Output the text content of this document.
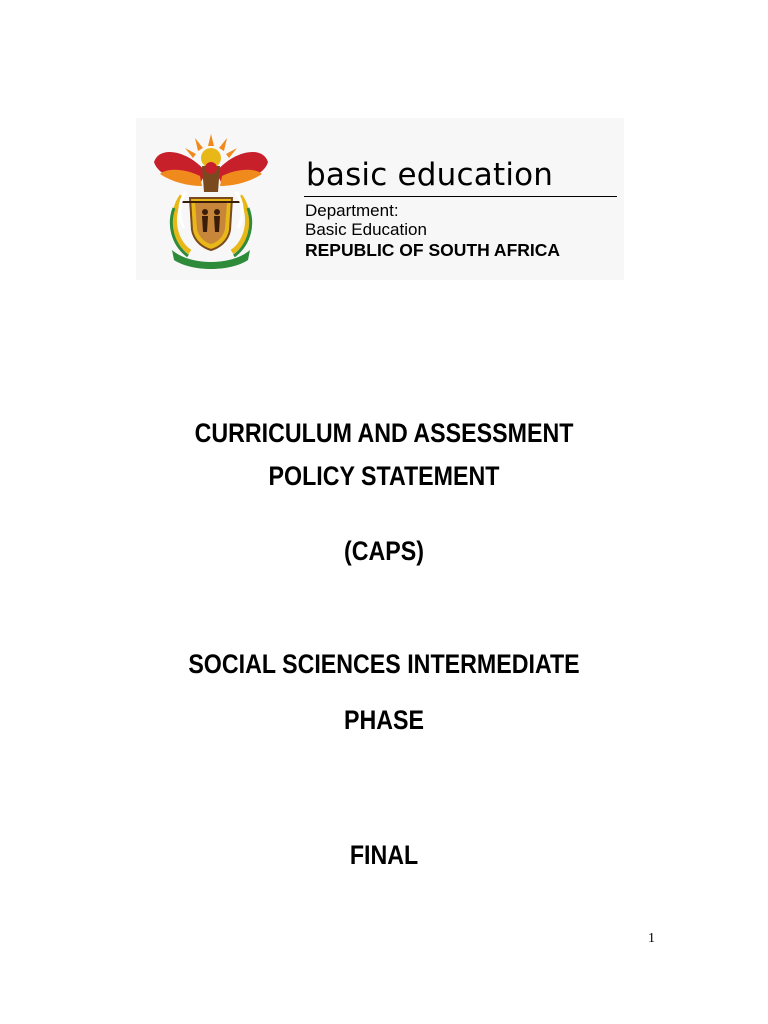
basic education
Department:
Basic Education
REPUBLIC OF SOUTH AFRICA
CURRICULUM AND ASSESSMENT
POLICY STATEMENT
(CAPS)
SOCIAL SCIENCES INTERMEDIATE
PHASE
FINAL
1
